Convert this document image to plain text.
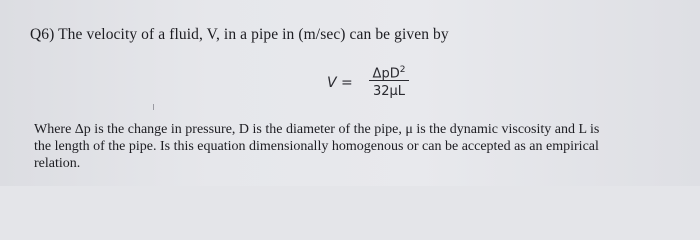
Q6) The velocity of a fluid, V, in a pipe in (m/sec) can be given by
V =
ΔpD$^2$
32μL
Where Δp is the change in pressure, D is the diameter of the pipe, μ is the dynamic viscosity and L is
the length of the pipe. Is this equation dimensionally homogenous or can be accepted as an empirical
relation.
